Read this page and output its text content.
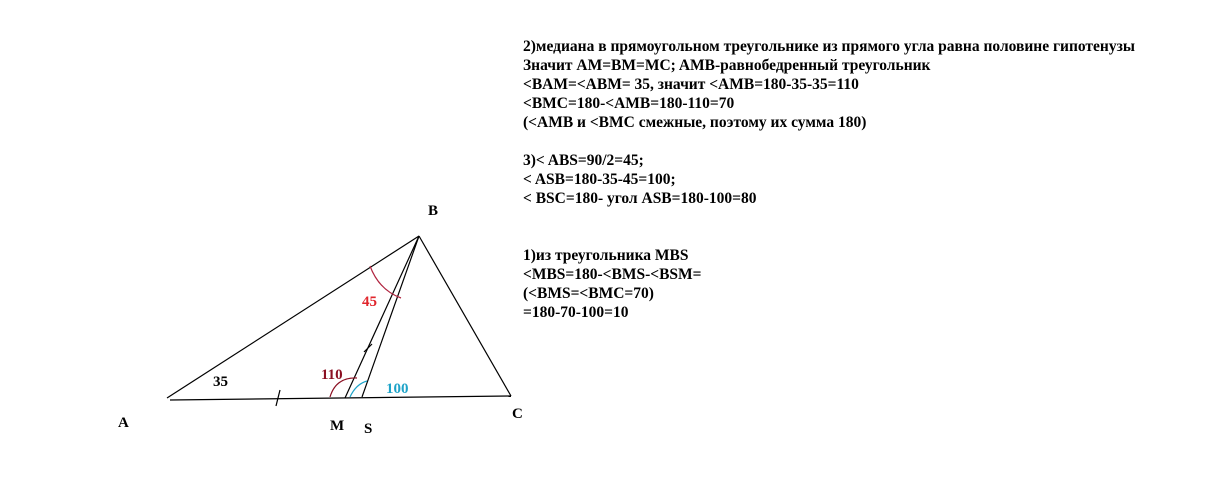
2)медиана в прямоугольном треугольнике из прямого угла равна половине гипотенузы
Значит AM=BM=MC; AMB-равнобедренный треугольник
<BAM=<ABM= 35, значит <AMB=180-35-35=110
<BMC=180-<AMB=180-110=70
(<AMB и <BMC смежные, поэтому их сумма 180)
3)< ABS=90/2=45;
< ASB=180-35-45=100;
< BSC=180- угол ASB=180-100=80
1)из треугольника MBS
<MBS=180-<BMS-<BSM=
(<BMS=<BMC=70)
=180-70-100=10
B
A	M S
C
35
45
110
100
